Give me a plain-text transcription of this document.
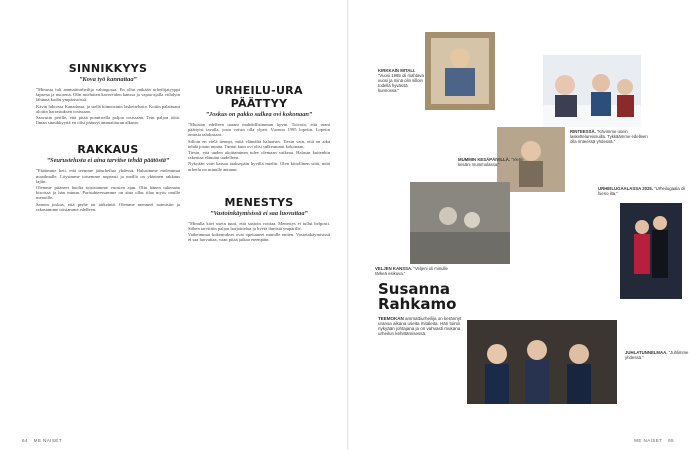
SINNIKKYYS
”Kova työ kannattaa”

”Minusta tuli ammattiurheilija vahingossa. En ollut mikään urheilijatyyppi lapsena ja nuorena. Olin mieluiten kavereiden kanssa ja vapaa-ajalla viihdyin lähinnä kodin ympäristössä.

Kävin lukiossa Kanadassa, ja siellä kiinnostuin laskettelusta. Kotiin palattuani aloitin harrastuksen tosissaan.

Saavutin perille, että pitää ponnistella paljon tosissaan. Tein paljon töitä. Ilman sinnikkyyttä en olisi päässyt ammattiuran alkuun.

RAKKAUS
”Seurustelusta ei aina tarvitse tehdä päätöstä”

”Päätimme heti, että teemme jääurheilua yhdessä. Halusimme molemmat maailmalle. Löysimme toisemme nopeasti ja meillä on yhteinen rakkaus lajiin.

Olemme pitäneet huolta toisistamme vuosien ajan. Olin hänen tukenaan kisoissa ja hän minun. Parisuhteessamme on aina ollut tilaa myös omille menoille.

Sanoin joskus, että perhe on tärkeintä. Olemme menneet naimisiin ja rakastamme toisiamme edelleen.

URHEILU-URA PÄÄTTYY
”Joskus on pakko sulkea ovi kokonaan”

”Muistan edelleen uraani mahdollisimman hyvin. Toivoin, että urani päättyisi tavalla, josta voisin olla ylpeä. Vuonna 1995 lopetin. Lopetin omasta tahdostani.

Silloin en vielä tiennyt, mitä elämältä haluaisin. Tiesin vain, että on aika tehdä jotain muuta. Tuntui kuin ovi olisi sulkeutunut kokonaan.

Tiesin, että uuden aloittaminen tulee olemaan vaikeaa. Halusin kuitenkin rakentaa elämäni uudelleen.

Nykyään voin katsoa taaksepäin hyvillä mielin. Olen kiitollinen siitä, mitä urheilu on minulle antanut.

MENESTYS
”Vastoinkäymisissä ei saa luovuttaa”

”Minulla kävi usein tuuri, että saatoin voittaa. Menestys ei tullut helposti. Siihen tarvittiin paljon harjoittelua ja hyviä ihmisiä ympärille.

Vaikeimmat kokemukset ovat opettaneet minulle eniten. Vastoinkäymisissä ei saa luovuttaa, vaan pitää jatkaa eteenpäin.

64 ME NAISET
KIRKKAIN MITALI. ”Vuosi 1985 oli mahtava vuosi ja minä olin silloin todella hyvässä kunnossa.”
RINTEESSÄ. ”Kävimme usein laskettelureissuilla. Tykkäämme edelleen olla rinteessä yhdessä.”
MUMMIN KESÄPÄIVILLÄ. ”Vietin kesäni mummolassa.”
VELJEN KANSSA. ”Veljeni oli minulle tärkeä esikuva.”
URHEILUGAALASSA 2025. ”Urheilugaala oli hieno ilta.”
JUHLATUNNELMAA. ”Juhlimme yhdessä.”
Susanna
Rahkamo

TEEMOKAN ammattiurheilija on kerännyt uransa aikana useita mitaleita. Hän toimii nykyään johtajana ja on vahvasti mukana urheilun kehittämisessä.

ME NAISET 65
